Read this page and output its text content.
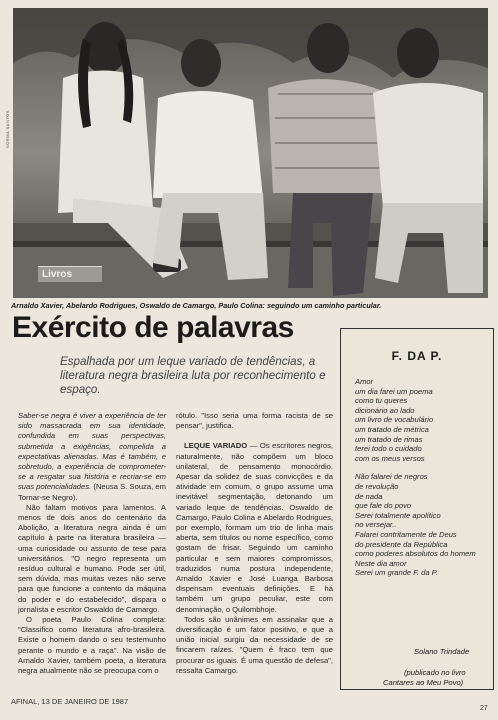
NORMA SANTOS
Livros
Arnaldo Xavier, Abelardo Rodrigues, Oswaldo de Camargo, Paulo Colina: seguindo um caminho particular.
Exército de palavras
Espalhada por um leque variado de tendências, a literatura negra brasileira luta por reconhecimento e espaço.

Saber-se negra é viver a experiência de ter sido massacrada em sua identidade, confundida em suas perspectivas, submetida a exigências, compelida a expectativas alienadas. Mas é também, e sobretudo, a experiência de comprometer-se a resgatar sua história e recriar-se em suas potencialidades. (Neusa S. Souza, em Tornar-se Negro).

Não faltam motivos para lamentos. A menos de dois anos do centenário da Abolição, a literatura negra ainda é um capítulo à parte na literatura brasileira — uma curiosidade ou assunto de tese para universitários. "O negro representa um resíduo cultural e humano. Pode ser útil, sem dúvida, mas muitas vezes não serve para que funcione a contento da máquina do poder e do estabelecido", dispara o jornalista e escritor Oswaldo de Camargo.

O poeta Paulo Colina completa: "Classifico como literatura afro-brasileira. Existe o homem dando o seu testemunho perante o mundo e a raça". Na visão de Arnaldo Xavier, também poeta, a literatura negra atualmente não se preocupa com o

rótulo. "Isso seria uma forma racista de se pensar", justifica.

LEQUE VARIADO — Os escritores negros, naturalmente, não compõem um bloco unilateral, de pensamento monocórdio. Apesar da solidez de suas convicções e da atividade em comum, o grupo assume uma inevitável segmentação, detonando um variado leque de tendências. Oswaldo de Camargo, Paulo Colina e Abelardo Rodrigues, por exemplo, formam um trio de linha mais aberta, sem títulos ou nome específico, como gostam de frisar. Seguindo um caminho particular e sem maiores compromissos, traduzidos numa postura independente, Arnaldo Xavier e José Luanga Barbosa dispensam eventuais definições. E há também um grupo peculiar, este com denominação, o Quilombhoje.

Todos são unânimes em assinalar que a diversificação é um fator positivo, e que a união inicial surgiu da necessidade de se fincarem raízes. "Quem é fraco tem que procurar os iguais. É uma questão de defesa", ressalta Camargo.

F. DA P.
Amor
um dia farei um poema
como tu queres
dicionário ao lado
um livro de vocabulário
um tratado de métrica
um tratado de rimas
terei todo o cuidado
com os meus versos
Não falarei de negros
de revolução
de nada
que fale do povo
Serei totalmente apolítico
no versejar..
Falarei contritamente de Deus
do presidente da República
como poderes absolutos do homem
Neste dia amor
Serei um grande F. da P.
Solano Trindade
(publicado no livro
Cantares ao Meu Povo)
AFINAL, 13 DE JANEIRO DE 1987
27
